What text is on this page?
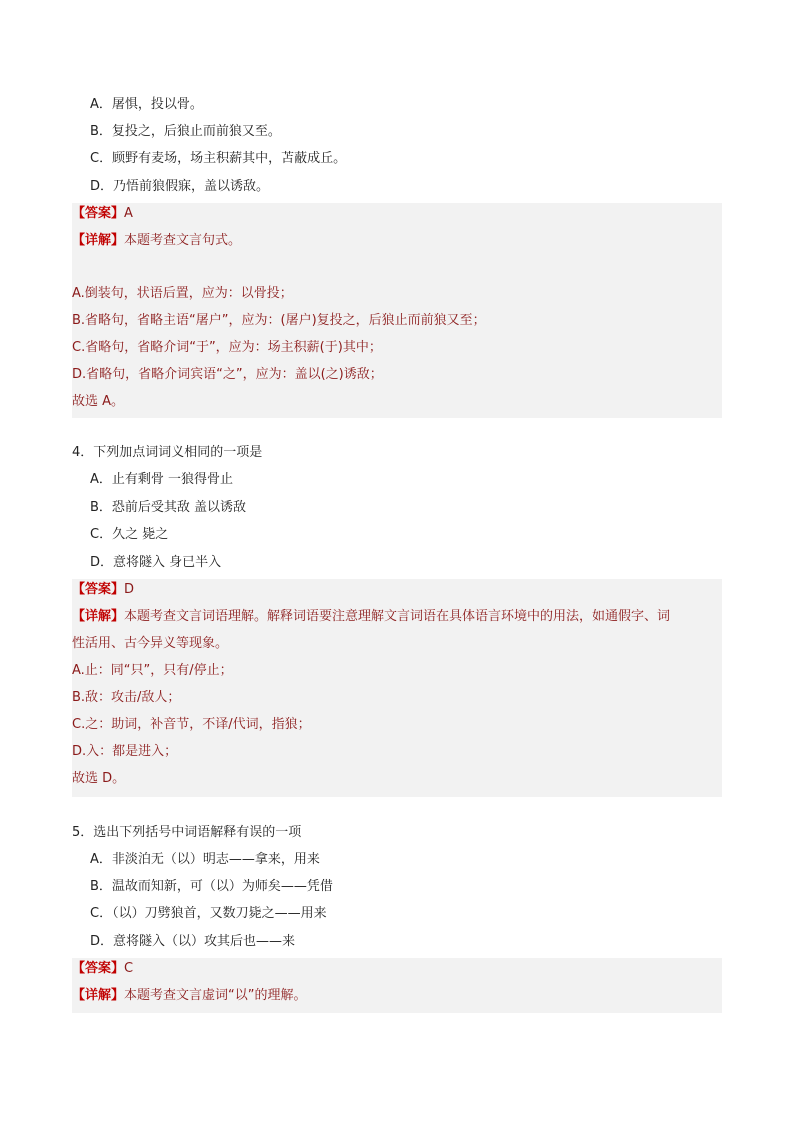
A．屠惧，投以骨。
B．复投之，后狼止而前狼又至。
C．顾野有麦场，场主积薪其中，苫蔽成丘。
D．乃悟前狼假寐，盖以诱敌。
【答案】A
【详解】本题考查文言句式。
A.倒装句，状语后置，应为：以骨投；
B.省略句，省略主语“屠户”，应为：(屠户)复投之，后狼止而前狼又至；
C.省略句，省略介词“于”，应为：场主积薪(于)其中；
D.省略句，省略介词宾语“之”，应为：盖以(之)诱敌；
故选 A。
4．下列加点词词义相同的一项是
A．止有剩骨 一狼得骨止
B．恐前后受其敌 盖以诱敌
C．久之 毙之
D．意将隧入 身已半入
【答案】D
【详解】本题考查文言词语理解。解释词语要注意理解文言词语在具体语言环境中的用法，如通假字、词
性活用、古今异义等现象。
A.止：同“只”，只有/停止；
B.敌：攻击/敌人；
C.之：助词，补音节，不译/代词，指狼；
D.入：都是进入；
故选 D。
5．选出下列括号中词语解释有误的一项
A．非淡泊无（以）明志——拿来，用来
B．温故而知新，可（以）为师矣——凭借
C．（以）刀劈狼首，又数刀毙之——用来
D．意将隧入（以）攻其后也——来
【答案】C
【详解】本题考查文言虚词“以”的理解。
